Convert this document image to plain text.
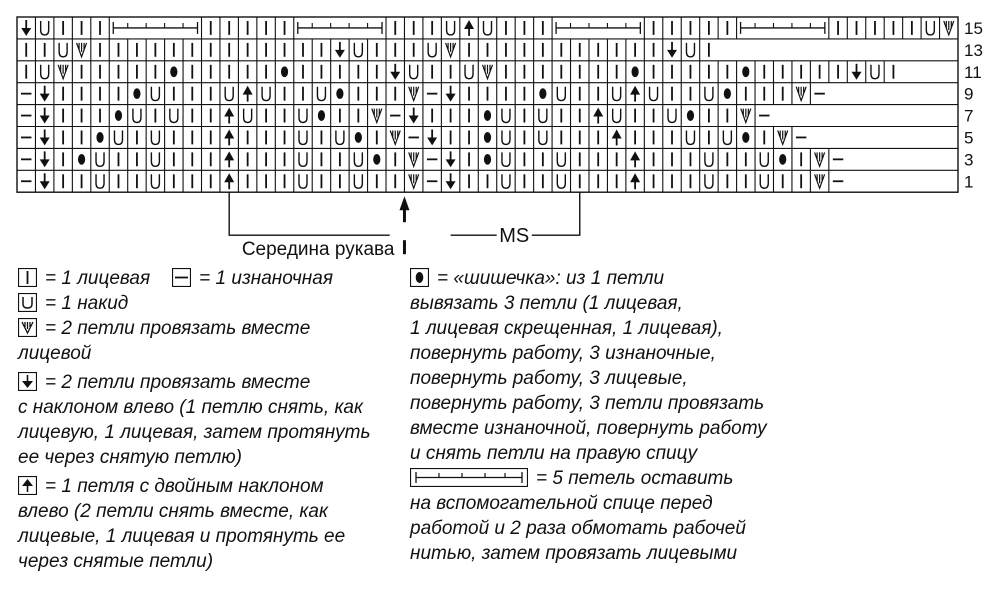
15
13
11
9
7
5
3
1
Середина рукава
MS
= 1 лицевая	= 1 изнаночная
= 1 накид
= 2 петли провязать вместе
лицевой
= 2 петли провязать вместе
с наклоном влево (1 петлю снять, как
лицевую, 1 лицевая, затем протянуть
ее через снятую петлю)
= 1 петля с двойным наклоном
влево (2 петли снять вместе, как
лицевые, 1 лицевая и протянуть ее
через снятые петли)
= «шишечка»: из 1 петли
вывязать 3 петли (1 лицевая,
1 лицевая скрещенная, 1 лицевая),
повернуть работу, 3 изнаночные,
повернуть работу, 3 лицевые,
повернуть работу, 3 петли провязать
вместе изнаночной, повернуть работу
и снять петли на правую спицу
= 5 петель оставить
на вспомогательной спице перед
работой и 2 раза обмотать рабочей
нитью, затем провязать лицевыми
